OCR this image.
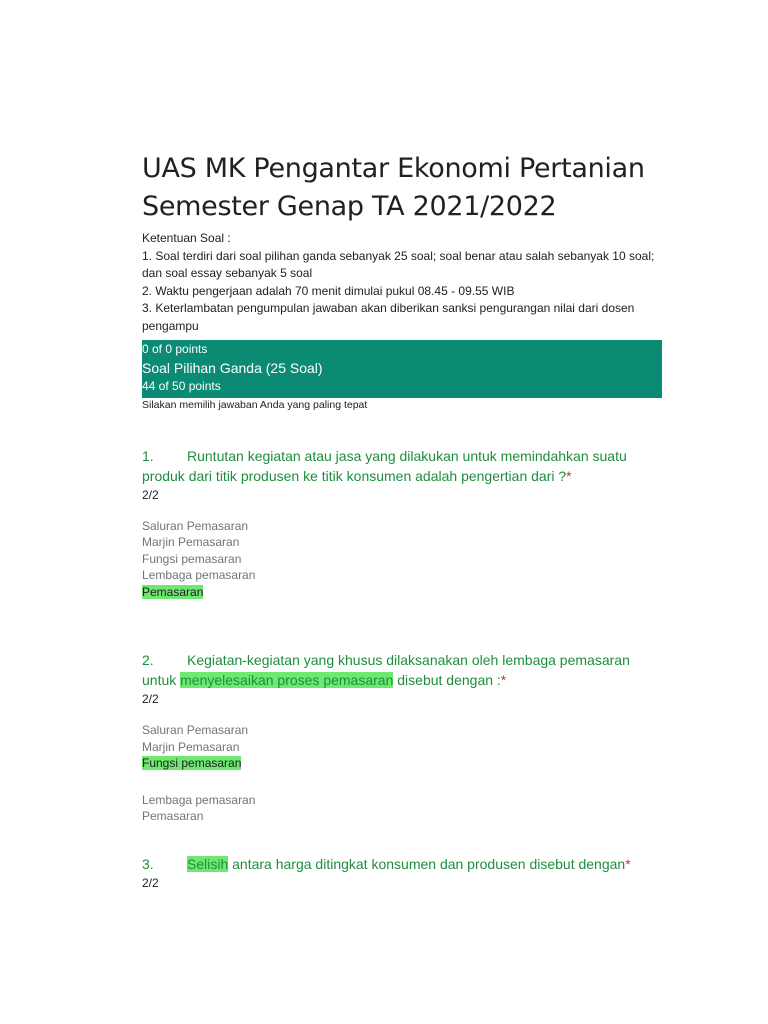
UAS MK Pengantar Ekonomi Pertanian
Semester Genap TA 2021/2022
Ketentuan Soal :
1. Soal terdiri dari soal pilihan ganda sebanyak 25 soal; soal benar atau salah sebanyak 10 soal; dan soal essay sebanyak 5 soal
2. Waktu pengerjaan adalah 70 menit dimulai pukul 08.45 - 09.55 WIB
3. Keterlambatan pengumpulan jawaban akan diberikan sanksi pengurangan nilai dari dosen pengampu
0 of 0 points
Soal Pilihan Ganda (25 Soal)
44 of 50 points
Silakan memilih jawaban Anda yang paling tepat
1. Runtutan kegiatan atau jasa yang dilakukan untuk memindahkan suatu produk dari titik produsen ke titik konsumen adalah pengertian dari ?*
2/2
Saluran Pemasaran
Marjin Pemasaran
Fungsi pemasaran
Lembaga pemasaran
Pemasaran
2. Kegiatan-kegiatan yang khusus dilaksanakan oleh lembaga pemasaran untuk menyelesaikan proses pemasaran disebut dengan :*
2/2
Saluran Pemasaran
Marjin Pemasaran
Fungsi pemasaran
Lembaga pemasaran
Pemasaran
3. Selisih antara harga ditingkat konsumen dan produsen disebut dengan*
2/2
